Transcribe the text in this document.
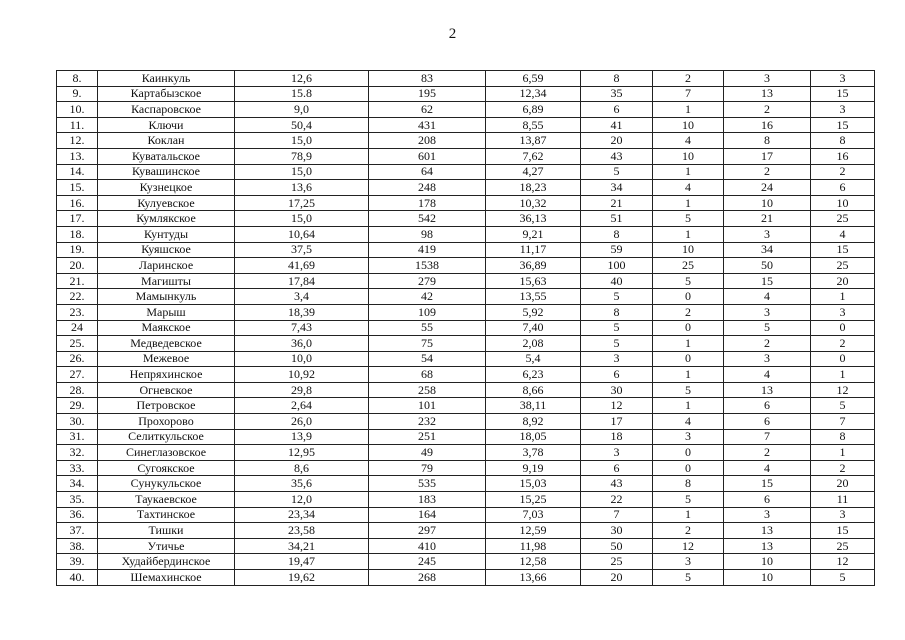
2
8.	Каинкуль	12,6	83	6,59	8	2	3	3
9.	Картабызское	15.8	195	12,34	35	7	13	15
10.	Каспаровское	9,0	62	6,89	6	1	2	3
11.	Ключи	50,4	431	8,55	41	10	16	15
12.	Коклан	15,0	208	13,87	20	4	8	8
13.	Куватальское	78,9	601	7,62	43	10	17	16
14.	Кувашинское	15,0	64	4,27	5	1	2	2
15.	Кузнецкое	13,6	248	18,23	34	4	24	6
16.	Кулуевское	17,25	178	10,32	21	1	10	10
17.	Кумлякское	15,0	542	36,13	51	5	21	25
18.	Кунтуды	10,64	98	9,21	8	1	3	4
19.	Куяшское	37,5	419	11,17	59	10	34	15
20.	Ларинское	41,69	1538	36,89	100	25	50	25
21.	Магишты	17,84	279	15,63	40	5	15	20
22.	Мамынкуль	3,4	42	13,55	5	0	4	1
23.	Марыш	18,39	109	5,92	8	2	3	3
24	Маякское	7,43	55	7,40	5	0	5	0
25.	Медведевское	36,0	75	2,08	5	1	2	2
26.	Межевое	10,0	54	5,4	3	0	3	0
27.	Непряхинское	10,92	68	6,23	6	1	4	1
28.	Огневское	29,8	258	8,66	30	5	13	12
29.	Петровское	2,64	101	38,11	12	1	6	5
30.	Прохорово	26,0	232	8,92	17	4	6	7
31.	Селиткульское	13,9	251	18,05	18	3	7	8
32.	Синеглазовское	12,95	49	3,78	3	0	2	1
33.	Сугоякское	8,6	79	9,19	6	0	4	2
34.	Сунукульское	35,6	535	15,03	43	8	15	20
35.	Таукаевское	12,0	183	15,25	22	5	6	11
36.	Тахтинское	23,34	164	7,03	7	1	3	3
37.	Тишки	23,58	297	12,59	30	2	13	15
38.	Утичье	34,21	410	11,98	50	12	13	25
39.	Худайбердинское	19,47	245	12,58	25	3	10	12
40.	Шемахинское	19,62	268	13,66	20	5	10	5
